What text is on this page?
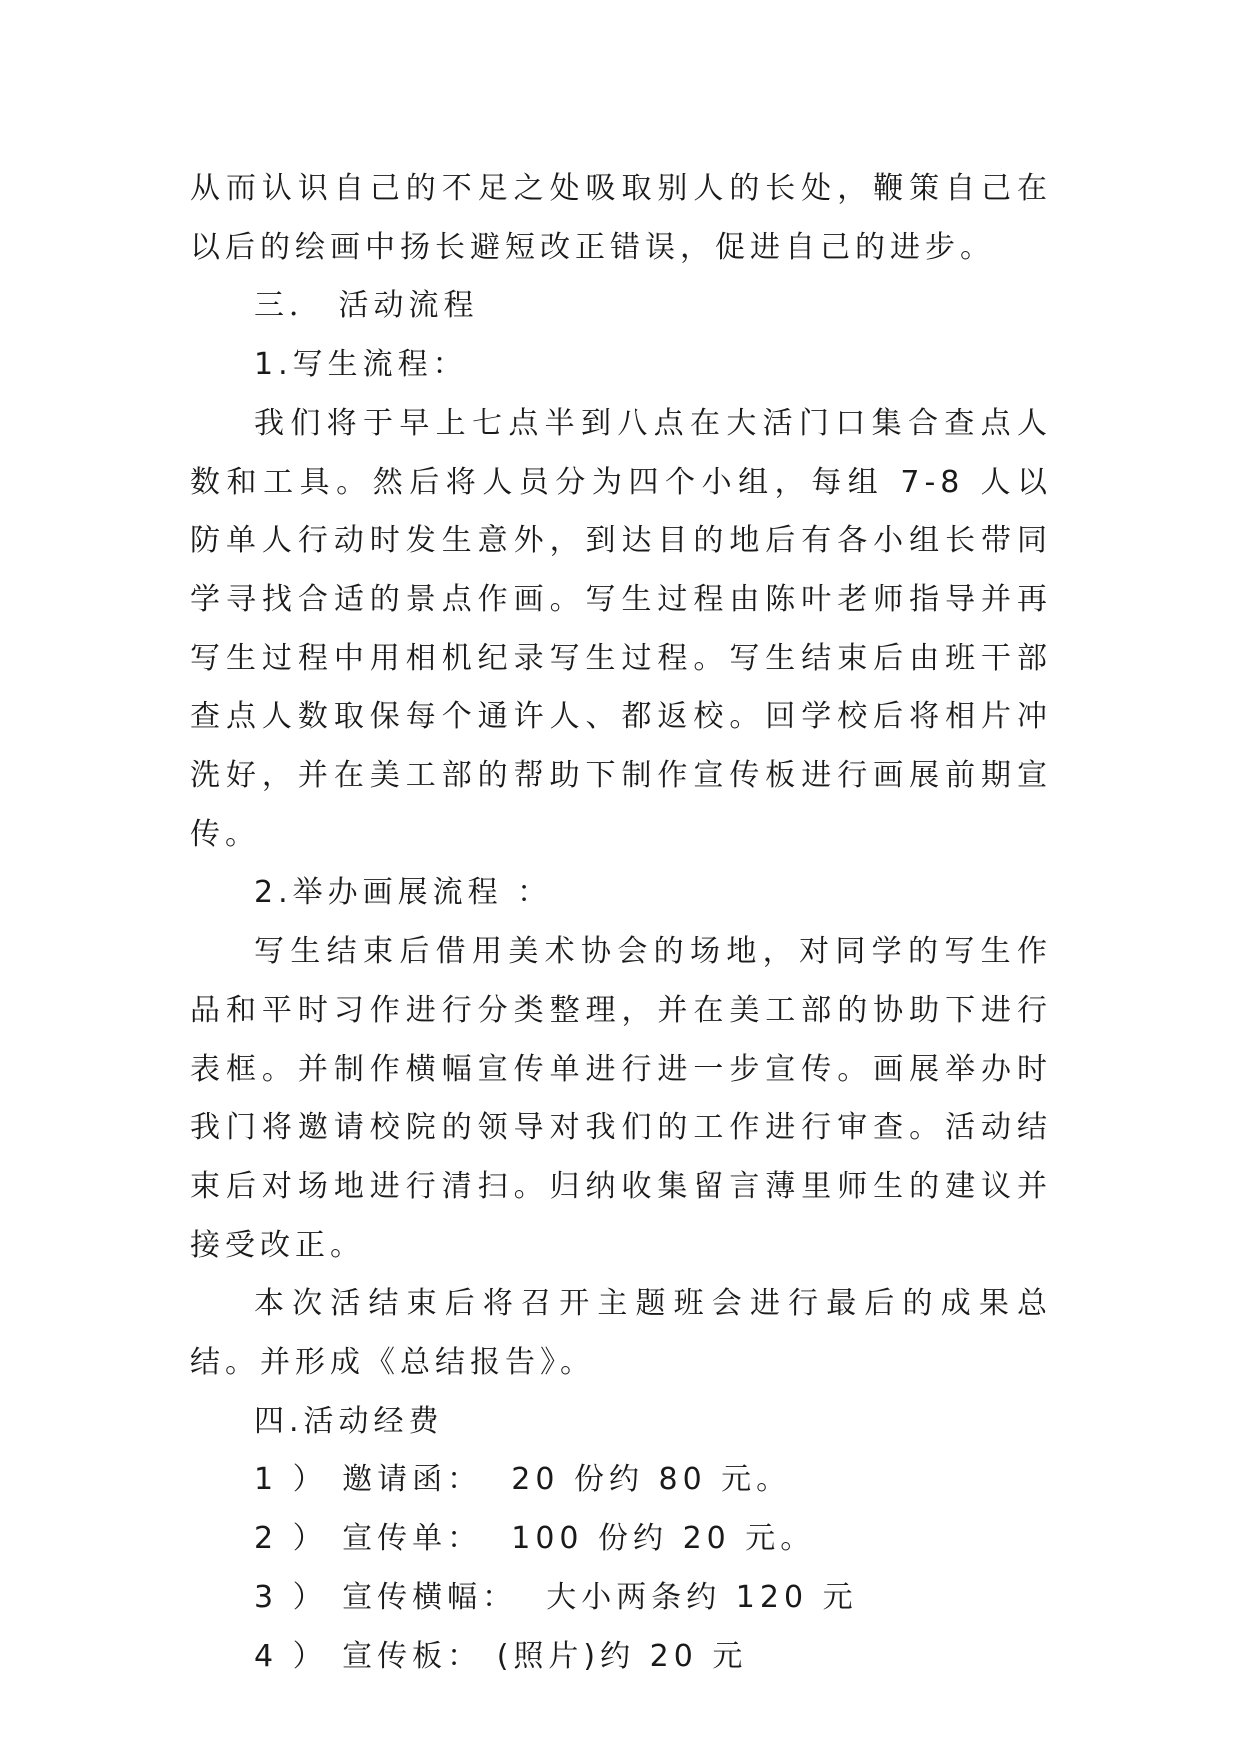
从而认识自己的不足之处吸取别人的长处，鞭策自己在以后的绘画中扬长避短改正错误，促进自己的进步。

三． 活动流程

1.写生流程：

我们将于早上七点半到八点在大活门口集合查点人数和工具。然后将人员分为四个小组，每组 7-8 人以防单人行动时发生意外，到达目的地后有各小组长带同学寻找合适的景点作画。写生过程由陈叶老师指导并再写生过程中用相机纪录写生过程。写生结束后由班干部查点人数取保每个通许人、都返校。回学校后将相片冲洗好，并在美工部的帮助下制作宣传板进行画展前期宣传。

2.举办画展流程 ：

写生结束后借用美术协会的场地，对同学的写生作品和平时习作进行分类整理，并在美工部的协助下进行表框。并制作横幅宣传单进行进一步宣传。画展举办时我门将邀请校院的领导对我们的工作进行审查。活动结束后对场地进行清扫。归纳收集留言薄里师生的建议并接受改正。

本次活结束后将召开主题班会进行最后的成果总结。并形成《总结报告》。

四.活动经费

1 ） 邀请函：  20 份约 80 元。

2 ） 宣传单：  100 份约 20 元。

3 ） 宣传横幅：  大小两条约 120 元

4 ） 宣传板： (照片)约 20 元
